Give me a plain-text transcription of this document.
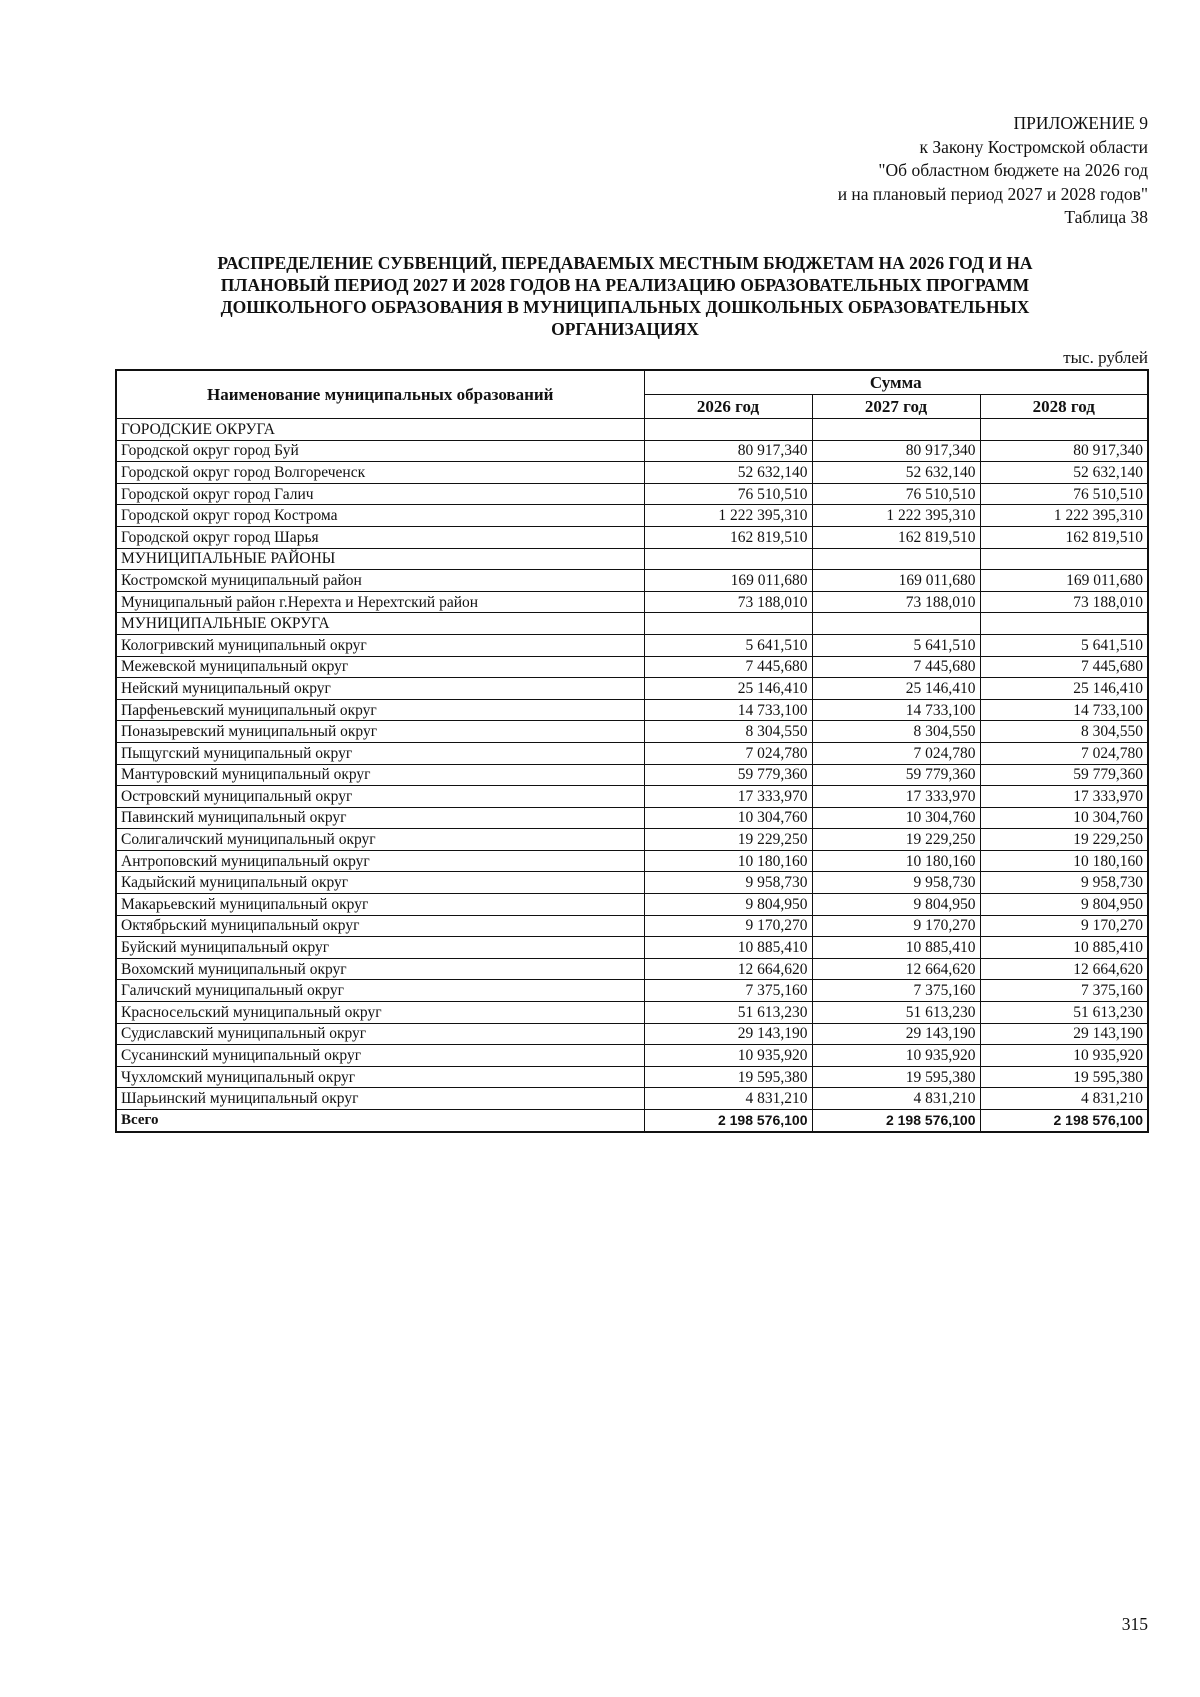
ПРИЛОЖЕНИЕ 9
к Закону Костромской области
"Об областном бюджете на 2026 год
и на плановый период 2027 и 2028 годов"
Таблица 38
РАСПРЕДЕЛЕНИЕ СУБВЕНЦИЙ, ПЕРЕДАВАЕМЫХ МЕСТНЫМ БЮДЖЕТАМ НА 2026 ГОД И НА
ПЛАНОВЫЙ ПЕРИОД 2027 И 2028 ГОДОВ НА РЕАЛИЗАЦИЮ ОБРАЗОВАТЕЛЬНЫХ ПРОГРАММ
ДОШКОЛЬНОГО ОБРАЗОВАНИЯ В МУНИЦИПАЛЬНЫХ ДОШКОЛЬНЫХ ОБРАЗОВАТЕЛЬНЫХ
ОРГАНИЗАЦИЯХ
тыс. рублей
Наименование муниципальных образований	Сумма		
	2026 год	2027 год	2028 год
ГОРОДСКИЕ ОКРУГА			
Городской округ город Буй	80 917,340	80 917,340	80 917,340
Городской округ город Волгореченск	52 632,140	52 632,140	52 632,140
Городской округ город Галич	76 510,510	76 510,510	76 510,510
Городской округ город Кострома	1 222 395,310	1 222 395,310	1 222 395,310
Городской округ город Шарья	162 819,510	162 819,510	162 819,510
МУНИЦИПАЛЬНЫЕ РАЙОНЫ			
Костромской муниципальный район	169 011,680	169 011,680	169 011,680
Муниципальный район г.Нерехта и Нерехтский район	73 188,010	73 188,010	73 188,010
МУНИЦИПАЛЬНЫЕ ОКРУГА			
Кологривский муниципальный округ	5 641,510	5 641,510	5 641,510
Межевской муниципальный округ	7 445,680	7 445,680	7 445,680
Нейский муниципальный округ	25 146,410	25 146,410	25 146,410
Парфеньевский муниципальный округ	14 733,100	14 733,100	14 733,100
Поназыревский муниципальный округ	8 304,550	8 304,550	8 304,550
Пыщугский муниципальный округ	7 024,780	7 024,780	7 024,780
Мантуровский муниципальный округ	59 779,360	59 779,360	59 779,360
Островский муниципальный округ	17 333,970	17 333,970	17 333,970
Павинский муниципальный округ	10 304,760	10 304,760	10 304,760
Солигаличский муниципальный округ	19 229,250	19 229,250	19 229,250
Антроповский муниципальный округ	10 180,160	10 180,160	10 180,160
Кадыйский муниципальный округ	9 958,730	9 958,730	9 958,730
Макарьевский муниципальный округ	9 804,950	9 804,950	9 804,950
Октябрьский муниципальный округ	9 170,270	9 170,270	9 170,270
Буйский муниципальный округ	10 885,410	10 885,410	10 885,410
Вохомский муниципальный округ	12 664,620	12 664,620	12 664,620
Галичский муниципальный округ	7 375,160	7 375,160	7 375,160
Красносельский муниципальный округ	51 613,230	51 613,230	51 613,230
Судиславский муниципальный округ	29 143,190	29 143,190	29 143,190
Сусанинский муниципальный округ	10 935,920	10 935,920	10 935,920
Чухломский муниципальный округ	19 595,380	19 595,380	19 595,380
Шарьинский муниципальный округ	4 831,210	4 831,210	4 831,210
Всего	2 198 576,100	2 198 576,100	2 198 576,100
315
